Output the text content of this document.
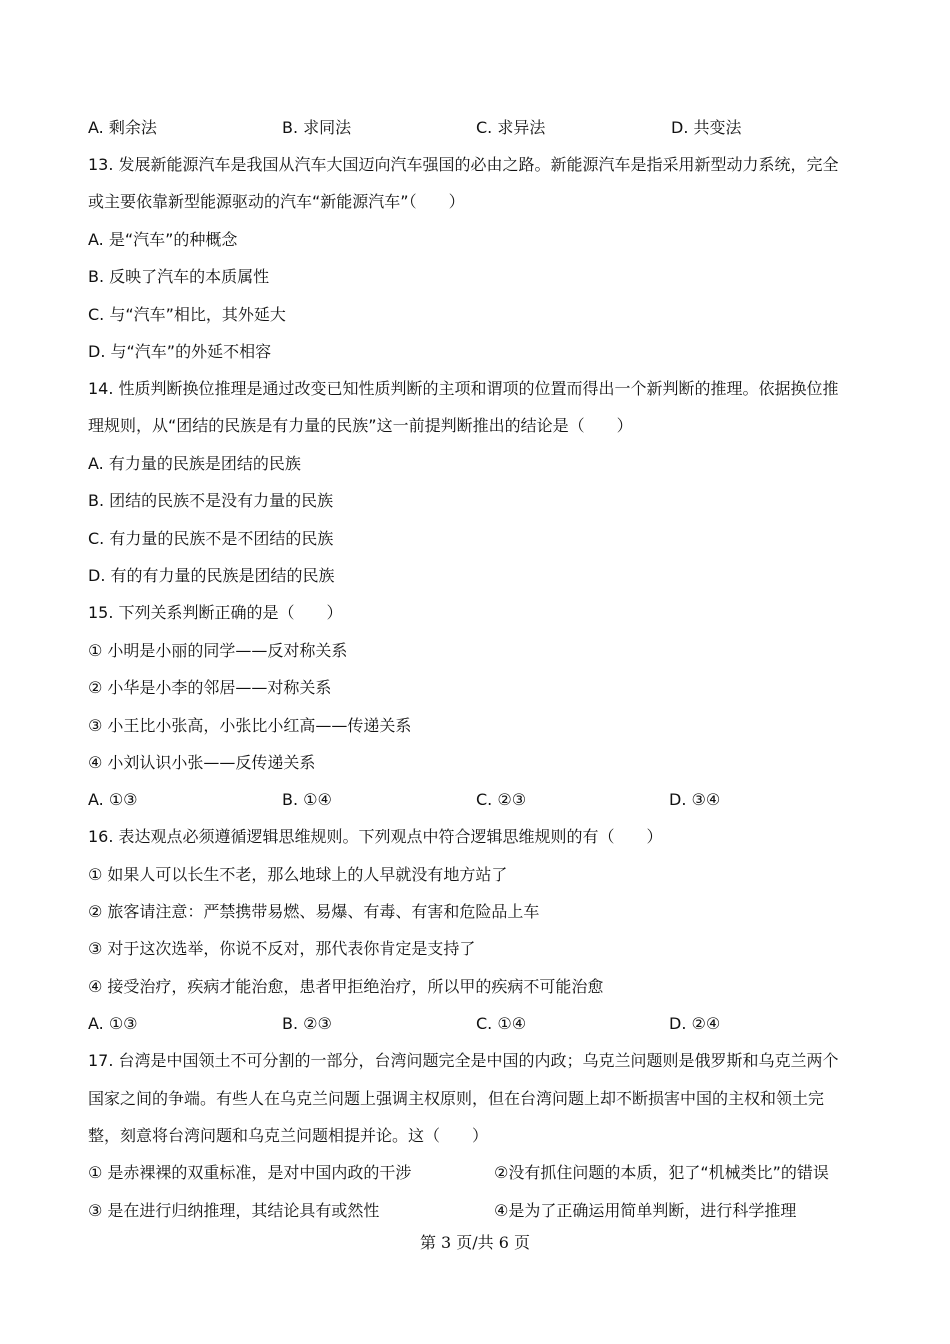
A. 剩余法	B. 求同法	C. 求异法	D. 共变法
13. 发展新能源汽车是我国从汽车大国迈向汽车强国的必由之路。新能源汽车是指采用新型动力系统，完全
或主要依靠新型能源驱动的汽车“新能源汽车”（　　）
A. 是“汽车”的种概念
B. 反映了汽车的本质属性
C. 与“汽车”相比，其外延大
D. 与“汽车”的外延不相容
14. 性质判断换位推理是通过改变已知性质判断的主项和谓项的位置而得出一个新判断的推理。依据换位推
理规则，从“团结的民族是有力量的民族”这一前提判断推出的结论是（　　）
A. 有力量的民族是团结的民族
B. 团结的民族不是没有力量的民族
C. 有力量的民族不是不团结的民族
D. 有的有力量的民族是团结的民族
15. 下列关系判断正确的是（　　）
① 小明是小丽的同学——反对称关系
② 小华是小李的邻居——对称关系
③ 小王比小张高，小张比小红高——传递关系
④ 小刘认识小张——反传递关系
A. ①③	B. ①④	C. ②③	D. ③④
16. 表达观点必须遵循逻辑思维规则。下列观点中符合逻辑思维规则的有（　　）
① 如果人可以长生不老，那么地球上的人早就没有地方站了
② 旅客请注意：严禁携带易燃、易爆、有毒、有害和危险品上车
③ 对于这次选举，你说不反对，那代表你肯定是支持了
④ 接受治疗，疾病才能治愈，患者甲拒绝治疗，所以甲的疾病不可能治愈
A. ①③	B. ②③	C. ①④	D. ②④
17. 台湾是中国领土不可分割的一部分，台湾问题完全是中国的内政；乌克兰问题则是俄罗斯和乌克兰两个
国家之间的争端。有些人在乌克兰问题上强调主权原则，但在台湾问题上却不断损害中国的主权和领土完
整，刻意将台湾问题和乌克兰问题相提并论。这（　　）
① 是赤裸裸的双重标准，是对中国内政的干涉	②没有抓住问题的本质，犯了“机械类比”的错误
③ 是在进行归纳推理，其结论具有或然性	④是为了正确运用简单判断，进行科学推理
第 3 页/共 6 页
